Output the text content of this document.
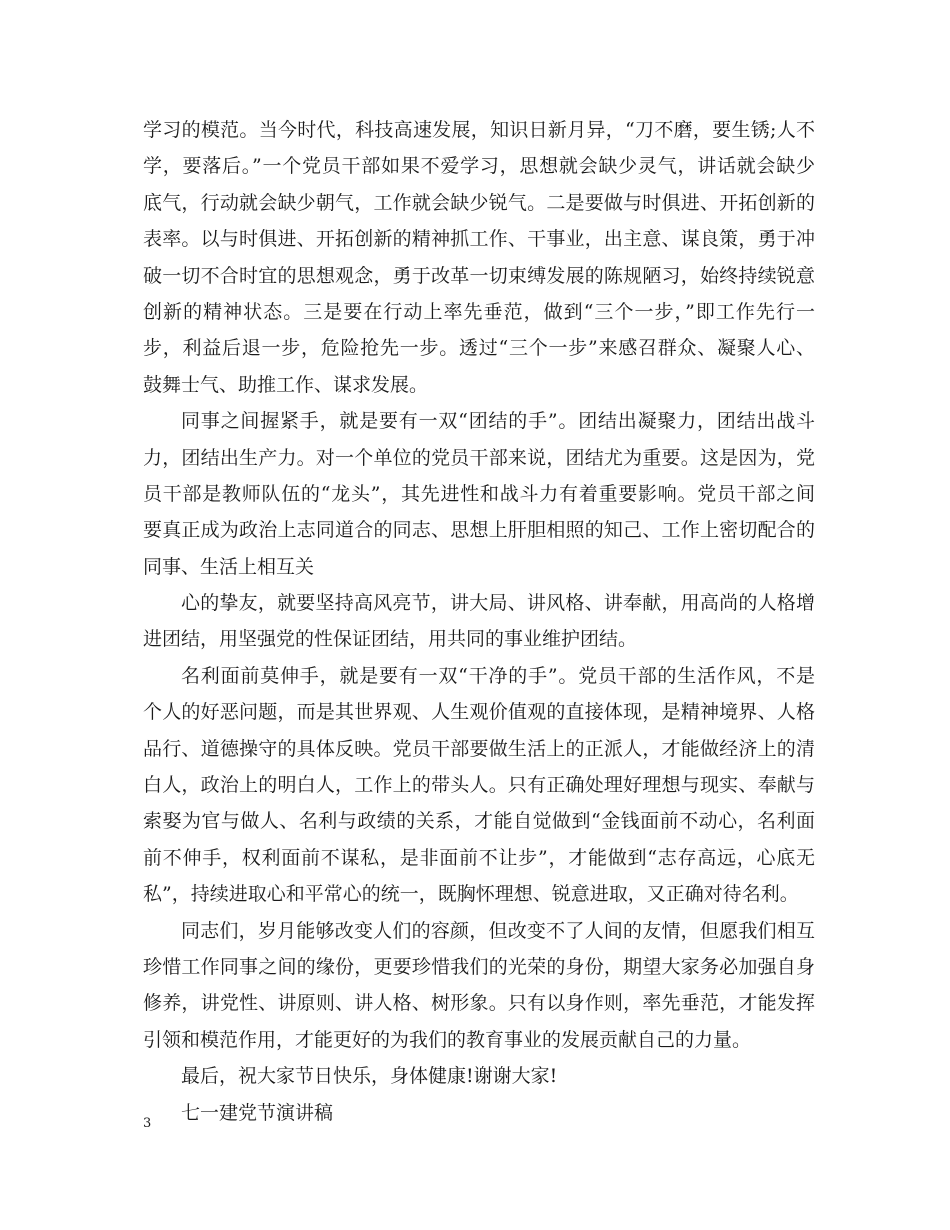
学习的模范。当今时代，科技高速发展，知识日新月异，“刀不磨，要生锈;人不
学，要落后。”一个党员干部如果不爱学习，思想就会缺少灵气，讲话就会缺少
底气，行动就会缺少朝气，工作就会缺少锐气。二是要做与时俱进、开拓创新的
表率。以与时俱进、开拓创新的精神抓工作、干事业，出主意、谋良策，勇于冲
破一切不合时宜的思想观念，勇于改革一切束缚发展的陈规陋习，始终持续锐意
创新的精神状态。三是要在行动上率先垂范，做到“三个一步，”即工作先行一
步，利益后退一步，危险抢先一步。透过“三个一步”来感召群众、凝聚人心、
鼓舞士气、助推工作、谋求发展。
同事之间握紧手，就是要有一双“团结的手”。团结出凝聚力，团结出战斗
力，团结出生产力。对一个单位的党员干部来说，团结尤为重要。这是因为，党
员干部是教师队伍的“龙头”，其先进性和战斗力有着重要影响。党员干部之间
要真正成为政治上志同道合的同志、思想上肝胆相照的知己、工作上密切配合的
同事、生活上相互关
心的挚友，就要坚持高风亮节，讲大局、讲风格、讲奉献，用高尚的人格增
进团结，用坚强党的性保证团结，用共同的事业维护团结。
名利面前莫伸手，就是要有一双“干净的手”。党员干部的生活作风，不是
个人的好恶问题，而是其世界观、人生观价值观的直接体现，是精神境界、人格
品行、道德操守的具体反映。党员干部要做生活上的正派人，才能做经济上的清
白人，政治上的明白人，工作上的带头人。只有正确处理好理想与现实、奉献与
索娶为官与做人、名利与政绩的关系，才能自觉做到“金钱面前不动心，名利面
前不伸手，权利面前不谋私，是非面前不让步”，才能做到“志存高远，心底无
私”，持续进取心和平常心的统一，既胸怀理想、锐意进取，又正确对待名利。
同志们，岁月能够改变人们的容颜，但改变不了人间的友情，但愿我们相互
珍惜工作同事之间的缘份，更要珍惜我们的光荣的身份，期望大家务必加强自身
修养，讲党性、讲原则、讲人格、树形象。只有以身作则，率先垂范，才能发挥
引领和模范作用，才能更好的为我们的教育事业的发展贡献自己的力量。
最后，祝大家节日快乐，身体健康!谢谢大家!
七一建党节演讲稿
3
